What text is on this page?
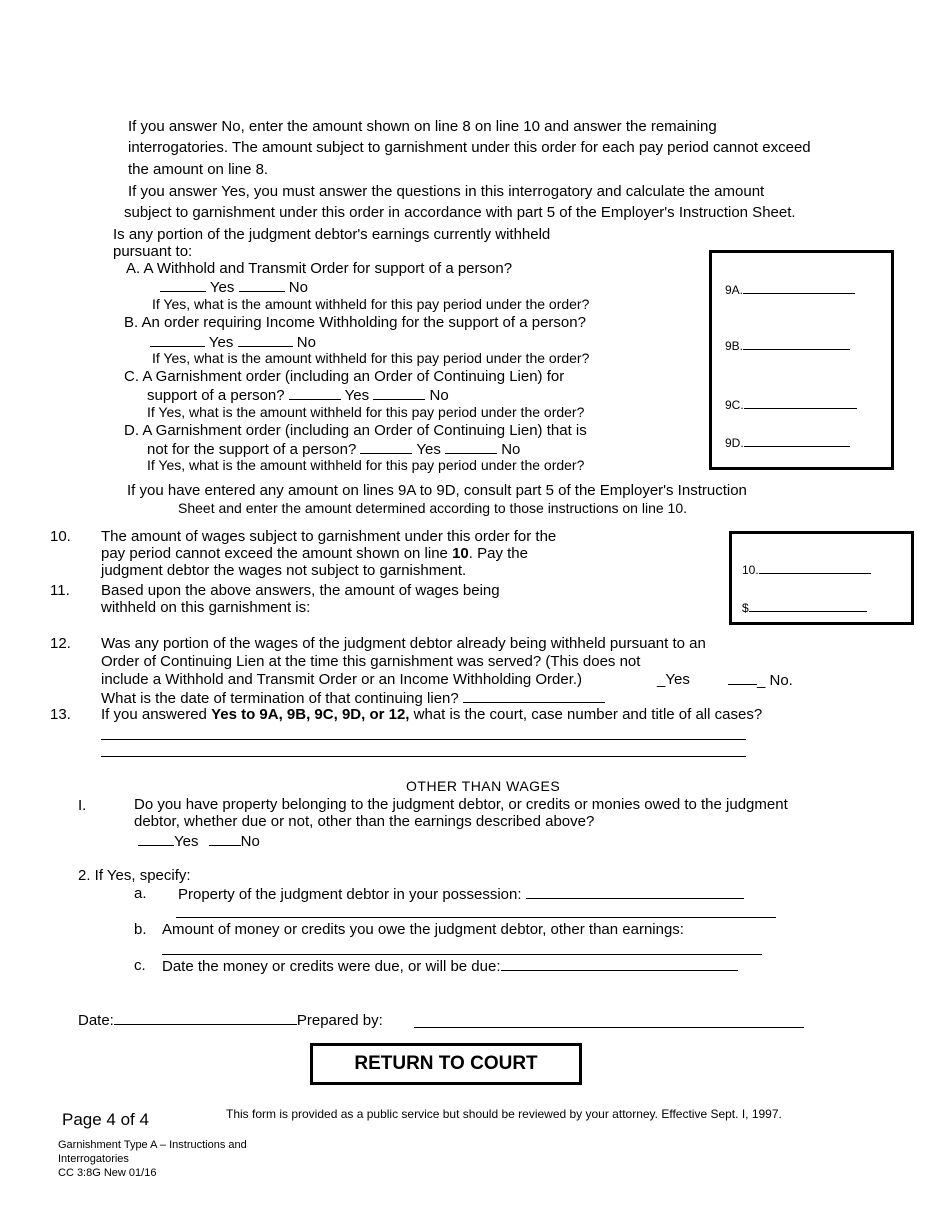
If you answer No, enter the amount shown on line 8 on line 10 and answer the remaining
interrogatories. The amount subject to garnishment under this order for each pay period cannot exceed
the amount on line 8.
If you answer Yes, you must answer the questions in this interrogatory and calculate the amount
subject to garnishment under this order in accordance with part 5 of the Employer's Instruction Sheet.
Is any portion of the judgment debtor's earnings currently withheld
pursuant to:
A. A Withhold and Transmit Order for support of a person?
Yes	No
If Yes, what is the amount withheld for this pay period under the order?
B. An order requiring Income Withholding for the support of a person?
Yes	No
If Yes, what is the amount withheld for this pay period under the order?
C. A Garnishment order (including an Order of Continuing Lien) for
support of a person?	Yes	No
If Yes, what is the amount withheld for this pay period under the order?
D. A Garnishment order (including an Order of Continuing Lien) that is
not for the support of a person?	Yes	No
If Yes, what is the amount withheld for this pay period under the order?
9A.
9B.
9C.
9D.
If you have entered any amount on lines 9A to 9D, consult part 5 of the Employer's Instruction
Sheet and enter the amount determined according to those instructions on line 10.
10. The amount of wages subject to garnishment under this order for the
pay period cannot exceed the amount shown on line 10. Pay the
judgment debtor the wages not subject to garnishment.	10.
$
11. Based upon the above answers, the amount of wages being
withheld on this garnishment is:
12. Was any portion of the wages of the judgment debtor already being withheld pursuant to an
Order of Continuing Lien at the time this garnishment was served? (This does not
include a Withhold and Transmit Order or an Income Withholding Order.)	_Yes	_ No.
What is the date of termination of that continuing lien?
13. If you answered Yes to 9A, 9B, 9C, 9D, or 12, what is the court, case number and title of all cases?
OTHER THAN WAGES
I.	Do you have property belonging to the judgment debtor, or credits or monies owed to the judgment
debtor, whether due or not, other than the earnings described above?
Yes	No
2. If Yes, specify:
a. Property of the judgment debtor in your possession:
b. Amount of money or credits you owe the judgment debtor, other than earnings:
c. Date the money or credits were due, or will be due:
Date:	Prepared by:
RETURN TO COURT
Page 4 of 4	This form is provided as a public service but should be reviewed by your attorney. Effective Sept. I, 1997.
Garnishment Type A – Instructions and
Interrogatories
CC 3:8G New 01/16
